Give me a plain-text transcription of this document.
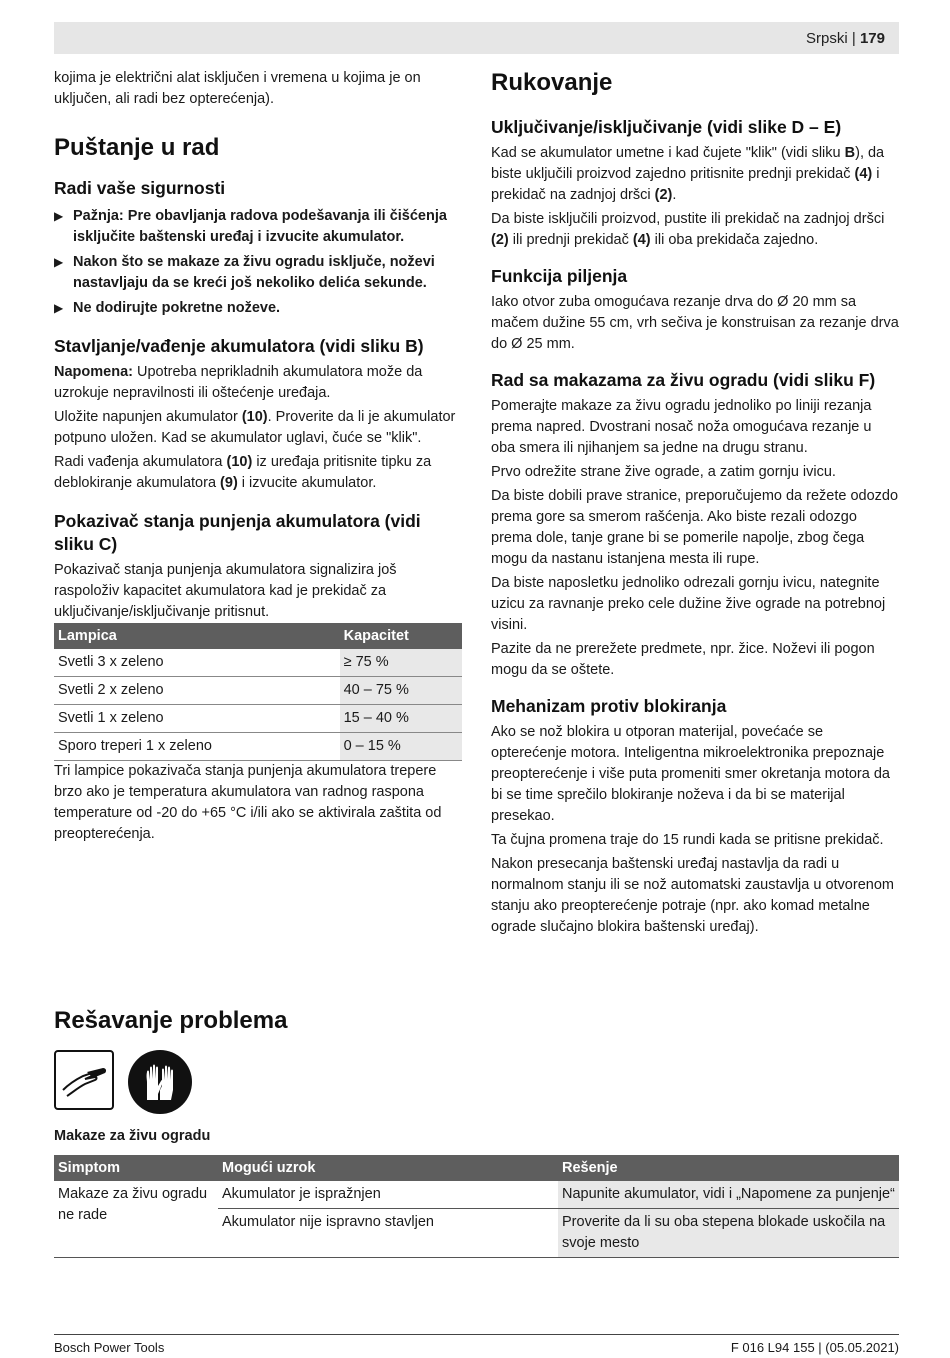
Srpski | 179

kojima je električni alat isključen i vremena u kojima je on uključen, ali radi bez opterećenja).

Puštanje u rad
Radi vaše sigurnosti
▶ Pažnja: Pre obavljanja radova podešavanja ili čišćenja isključite baštenski uređaj i izvucite akumulator.
▶ Nakon što se makaze za živu ogradu isključe, noževi nastavljaju da se kreći još nekoliko delića sekunde.
▶ Ne dodirujte pokretne noževe.
Stavljanje/vađenje akumulatora (vidi sliku B)

Napomena: Upotreba neprikladnih akumulatora može da uzrokuje nepravilnosti ili oštećenje uređaja.

Uložite napunjen akumulator (10). Proverite da li je akumulator potpuno uložen. Kad se akumulator uglavi, čuće se "klik".

Radi vađenja akumulatora (10) iz uređaja pritisnite tipku za deblokiranje akumulatora (9) i izvucite akumulator.

Pokazivač stanja punjenja akumulatora (vidi sliku C)

Pokazivač stanja punjenja akumulatora signalizira još raspoloživ kapacitet akumulatora kad je prekidač za uključivanje/isključivanje pritisnut.

Lampica	Kapacitet
Svetli 3 x zeleno	≥ 75 %
Svetli 2 x zeleno	40 – 75 %
Svetli 1 x zeleno	15 – 40 %
Sporo treperi 1 x zeleno	0 – 15 %

Tri lampice pokazivača stanja punjenja akumulatora trepere brzo ako je temperatura akumulatora van radnog raspona temperature od -20 do +65 °C i/ili ako se aktivirala zaštita od preopterećenja.

Rukovanje
Uključivanje/isključivanje (vidi slike D – E)

Kad se akumulator umetne i kad čujete "klik" (vidi sliku B), da biste uključili proizvod zajedno pritisnite prednji prekidač (4) i prekidač na zadnjoj dršci (2).

Da biste isključili proizvod, pustite ili prekidač na zadnjoj dršci (2) ili prednji prekidač (4) ili oba prekidača zajedno.

Funkcija piljenja

Iako otvor zuba omogućava rezanje drva do Ø 20 mm sa mačem dužine 55 cm, vrh sečiva je konstruisan za rezanje drva do Ø 25 mm.

Rad sa makazama za živu ogradu (vidi sliku F)

Pomerajte makaze za živu ogradu jednoliko po liniji rezanja prema napred. Dvostrani nosač noža omogućava rezanje u oba smera ili njihanjem sa jedne na drugu stranu.

Prvo odrežite strane žive ograde, a zatim gornju ivicu.

Da biste dobili prave stranice, preporučujemo da režete odozdo prema gore sa smerom rašćenja. Ako biste rezali odozgo prema dole, tanje grane bi se pomerile napolje, zbog čega mogu da nastanu istanjena mesta ili rupe.

Da biste naposletku jednoliko odrezali gornju ivicu, nategnite uzicu za ravnanje preko cele dužine žive ograde na potrebnoj visini.

Pazite da ne prerežete predmete, npr. žice. Noževi ili pogon mogu da se oštete.

Mehanizam protiv blokiranja

Ako se nož blokira u otporan materijal, povećaće se opterećenje motora. Inteligentna mikroelektronika prepoznaje preopterećenje i više puta promeniti smer okretanja motora da bi se time sprečilo blokiranje noževa i da bi se materijal presekao.

Ta čujna promena traje do 15 rundi kada se pritisne prekidač.

Nakon presecanja baštenski uređaj nastavlja da radi u normalnom stanju ili se nož automatski zaustavlja u otvorenom stanju ako preopterećenje potraje (npr. ako komad metalne ograde slučajno blokira baštenski uređaj).

Rešavanje problema

Makaze za živu ogradu

Simptom	Mogući uzrok	Rešenje
Makaze za živu ogradu ne rade	Akumulator je ispražnjen	Napunite akumulator, vidi i „Napomene za punjenje“
	Akumulator nije ispravno stavljen	Proverite da li su oba stepena blokade uskočila na svoje mesto
Bosch Power Tools	F 016 L94 155 | (05.05.2021)
